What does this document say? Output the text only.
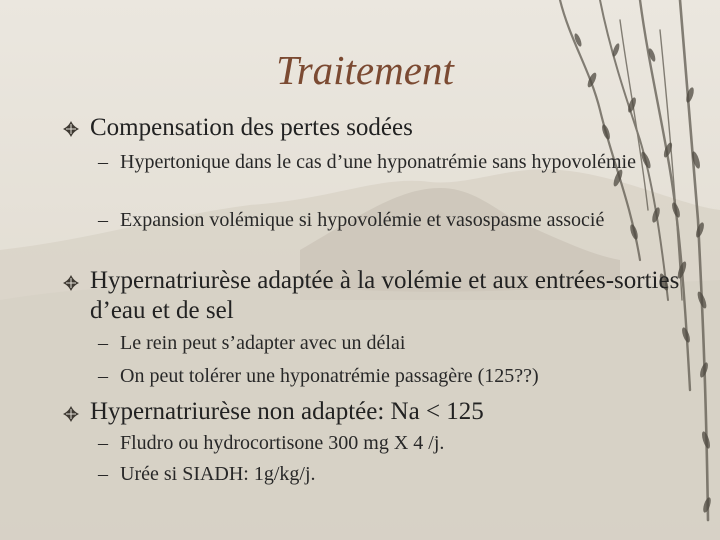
Traitement
Compensation des pertes sodées
– Hypertonique dans le cas d’une hyponatrémie sans hypovolémie
– Expansion volémique si hypovolémie et vasospasme associé
Hypernatriurèse adaptée à la volémie et aux entrées-sorties d’eau et de sel
– Le rein peut s’adapter avec un délai
– On peut tolérer une hyponatrémie passagère (125??)
Hypernatriurèse non adaptée: Na < 125
– Fludro ou hydrocortisone 300 mg X 4 /j.
– Urée si SIADH: 1g/kg/j.
